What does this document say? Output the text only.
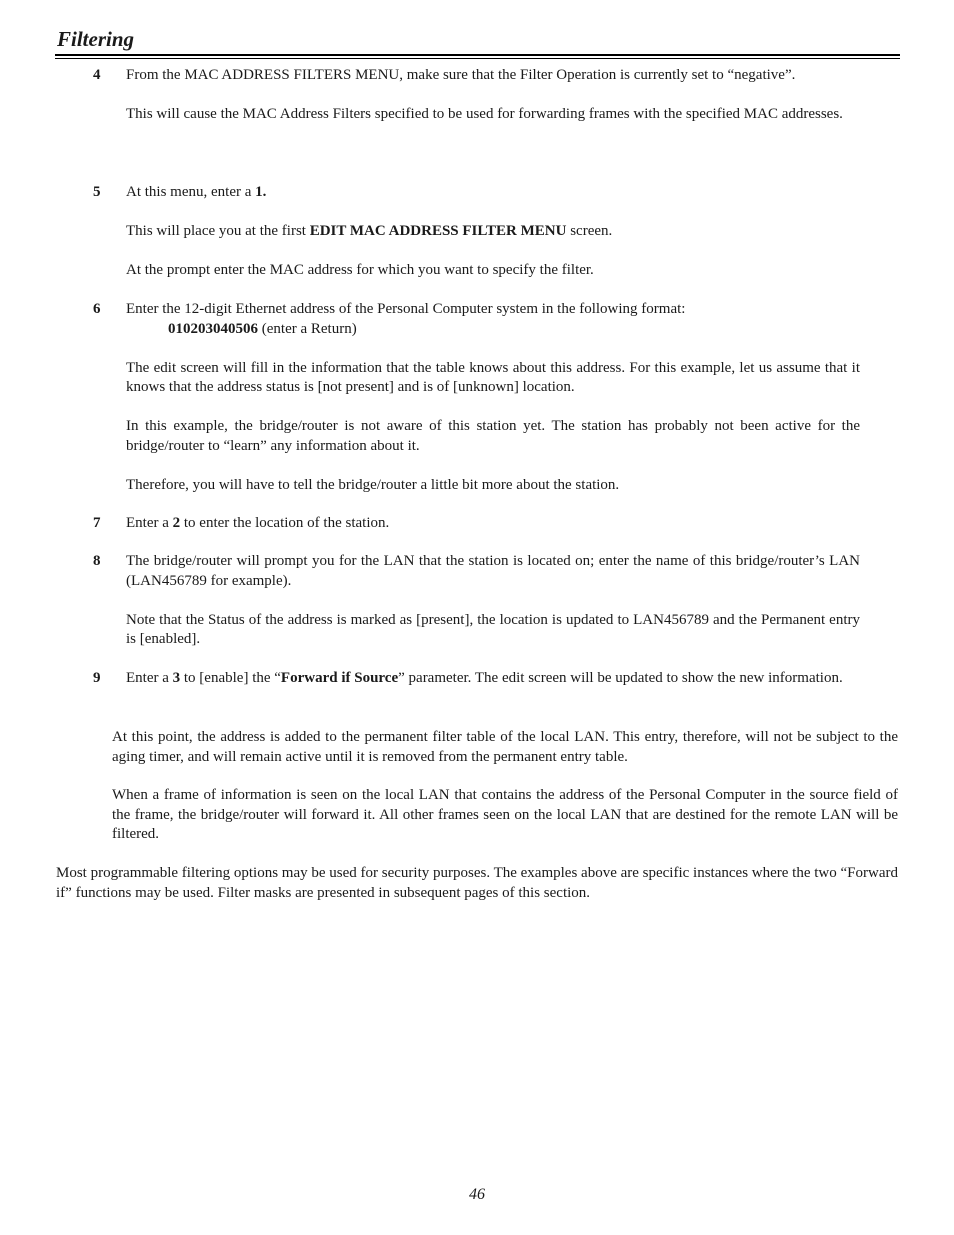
Filtering
4 From the MAC ADDRESS FILTERS MENU, make sure that the Filter Operation is currently set to “negative”.

This will cause the MAC Address Filters specified to be used for forwarding frames with the specified MAC addresses.

5 At this menu, enter a 1.

This will place you at the first EDIT MAC ADDRESS FILTER MENU screen.

At the prompt enter the MAC address for which you want to specify the filter.

6 Enter the 12-digit Ethernet address of the Personal Computer system in the following format:

010203040506 (enter a Return)

The edit screen will fill in the information that the table knows about this address. For this example, let us assume that it knows that the address status is [not present] and is of [unknown] location.

In this example, the bridge/router is not aware of this station yet. The station has probably not been active for the bridge/router to “learn” any information about it.

Therefore, you will have to tell the bridge/router a little bit more about the station.

7 Enter a 2 to enter the location of the station.

8 The bridge/router will prompt you for the LAN that the station is located on; enter the name of this bridge/router’s LAN (LAN456789 for example).

Note that the Status of the address is marked as [present], the location is updated to LAN456789 and the Permanent entry is [enabled].

9 Enter a 3 to [enable] the “Forward if Source” parameter. The edit screen will be updated to show the new information.

At this point, the address is added to the permanent filter table of the local LAN. This entry, therefore, will not be subject to the aging timer, and will remain active until it is removed from the permanent entry table.

When a frame of information is seen on the local LAN that contains the address of the Personal Computer in the source field of the frame, the bridge/router will forward it. All other frames seen on the local LAN that are destined for the remote LAN will be filtered.

Most programmable filtering options may be used for security purposes. The examples above are specific instances where the two “Forward if” functions may be used. Filter masks are presented in subsequent pages of this section.

46
